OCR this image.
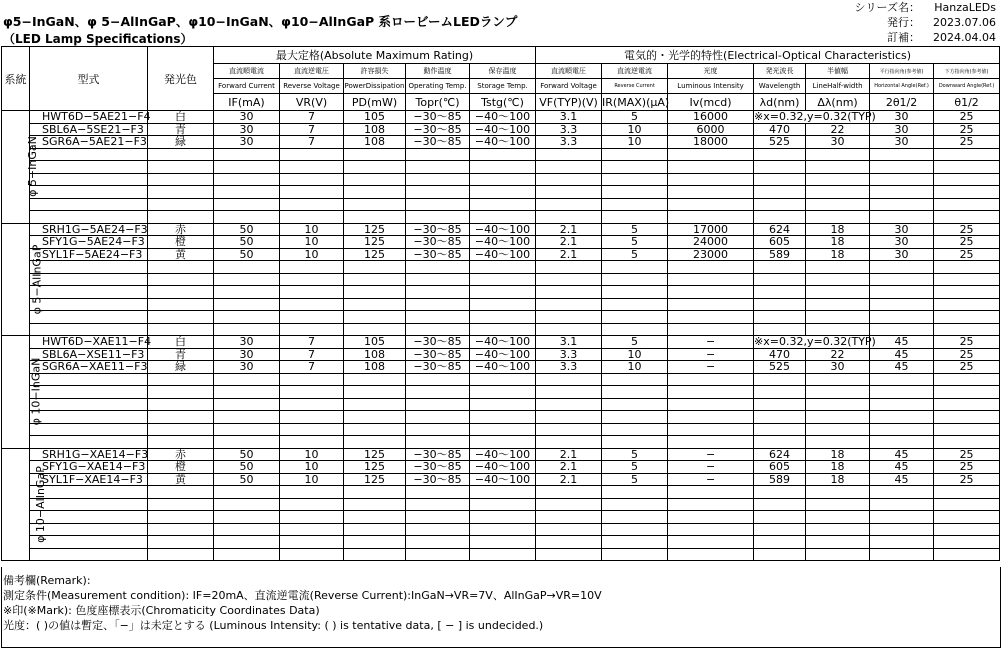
φ5−InGaN、φ 5−AlInGaP、φ10−InGaN、φ10−AlInGaP 系ロービームLEDランプ
（LED Lamp Specifications）
シリーズ名： HanzaLEDs
発行： 2023.07.06
訂補： 2024.04.04
系統	型式	発光色	最大定格(Absolute Maximum Rating)					電気的・光学的特性(Electrical-Optical Characteristics)						
			直流順電流	直流逆電圧	許容損失	動作温度	保存温度	直流順電圧	直流逆電流	光度	発光波長	半値幅	平行指向角(参考値)	下方指向角(参考値)
			Forward Current	Reverse Voltage	PowerDissipation	Operating Temp.	Storage Temp.	Forward Voltage	Reverse Current	Luminous Intensity	Wavelength	LineHalf-width	Horizontal Angle(Ref.)	Downward Angle(Ref.)
			IF(mA)	VR(V)	PD(mW)	Topr(℃)	Tstg(℃)	VF(TYP)(V)	IR(MAX)(μA)	Iv(mcd)	λd(nm)	Δλ(nm)	2θ1/2	θ1/2
φ 5−InGaN	HWT6D−5AE21−F4	白	30	7	105	−30〜85	−40〜100	3.1	5	16000	※x=0.32,y=0.32(TYP)		30	25
	SBL6A−5SE21−F3	青	30	7	108	−30〜85	−40〜100	3.3	10	6000	470	22	30	25
	SGR6A−5AE21−F3	緑	30	7	108	−30〜85	−40〜100	3.3	10	18000	525	30	30	25

φ 5−AlInGaP	SRH1G−5AE24−F3	赤	50	10	125	−30〜85	−40〜100	2.1	5	17000	624	18	30	25
	SFY1G−5AE24−F3	橙	50	10	125	−30〜85	−40〜100	2.1	5	24000	605	18	30	25
	SYL1F−5AE24−F3	黄	50	10	125	−30〜85	−40〜100	2.1	5	23000	589	18	30	25

φ 10−InGaN	HWT6D−XAE11−F4	白	30	7	105	−30〜85	−40〜100	3.1	5	−	※x=0.32,y=0.32(TYP)		45	25
	SBL6A−XSE11−F3	青	30	7	108	−30〜85	−40〜100	3.3	10	−	470	22	45	25
	SGR6A−XAE11−F3	緑	30	7	108	−30〜85	−40〜100	3.3	10	−	525	30	45	25

φ 10−AlInGaP	SRH1G−XAE14−F3	赤	50	10	125	−30〜85	−40〜100	2.1	5	−	624	18	45	25
	SFY1G−XAE14−F3	橙	50	10	125	−30〜85	−40〜100	2.1	5	−	605	18	45	25
	SYL1F−XAE14−F3	黄	50	10	125	−30〜85	−40〜100	2.1	5	−	589	18	45	25

備考欄(Remark):
測定条件(Measurement condition): IF=20mA、直流逆電流(Reverse Current):InGaN→VR=7V、AlInGaP→VR=10V
※印(※Mark): 色度座標表示(Chromaticity Coordinates Data)
光度：( )の値は暫定、「−」は未定とする (Luminous Intensity: ( ) is tentative data, [ − ] is undecided.)
